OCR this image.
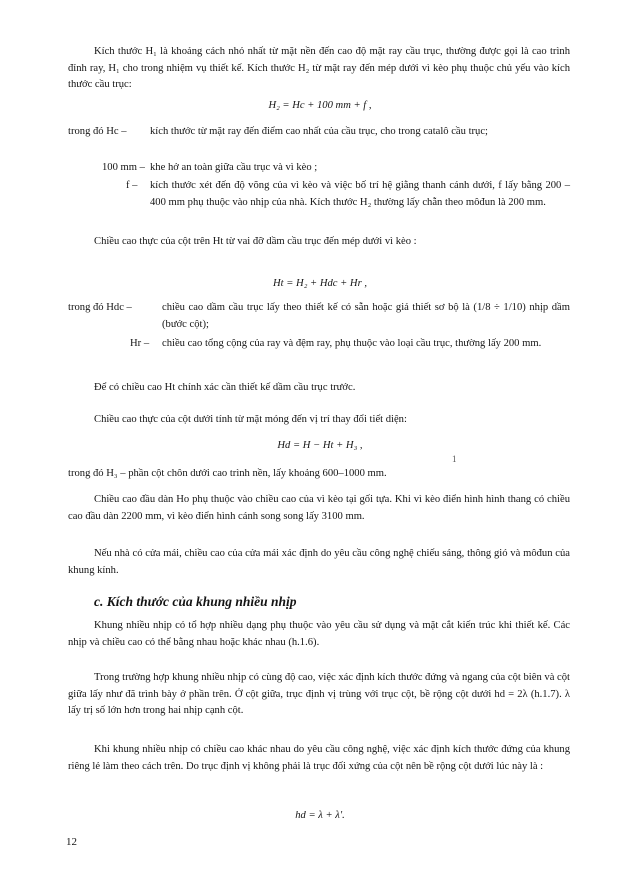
Kích thước H₁ là khoảng cách nhỏ nhất từ mặt nền đến cao độ mặt ray cầu trục, thường được gọi là cao trình đỉnh ray, H₁ cho trong nhiệm vụ thiết kế. Kích thước H₂ từ mặt ray đến mép dưới vì kèo phụ thuộc chủ yếu vào kích thước cầu trục:
H₂ = Hc + 100 mm + f ,
trong đó Hc –	kích thước từ mặt ray đến điểm cao nhất của cầu trục, cho trong catalô cầu trục;
100 mm – khe hở an toàn giữa cầu trục và vì kèo ;
f –	kích thước xét đến độ võng của vì kèo và việc bố trí hệ giằng thanh cánh dưới, f lấy bằng 200 – 400 mm phụ thuộc vào nhịp của nhà. Kích thước H₂ thường lấy chẵn theo môđun là 200 mm.
Chiều cao thực của cột trên Ht từ vai đỡ dầm cầu trục đến mép dưới vì kèo :
Ht = H₂ + Hdc + Hr ,
trong đó Hdc –	chiều cao dầm cầu trục lấy theo thiết kế có sẵn hoặc giả thiết sơ bộ là (1/8 ÷ 1/10) nhịp dầm (bước cột);
Hr –	chiều cao tổng cộng của ray và đệm ray, phụ thuộc vào loại cầu trục, thường lấy 200 mm.
Để có chiều cao Ht chính xác cần thiết kế dầm cầu trục trước.
Chiều cao thực của cột dưới tính từ mặt móng đến vị trí thay đổi tiết diện:
Hd = H − Ht + H₃ ,
1
trong đó H₃ – phần cột chôn dưới cao trình nền, lấy khoảng 600–1000 mm.
Chiều cao đầu dàn Ho phụ thuộc vào chiều cao của vì kèo tại gối tựa. Khi vì kèo điển hình hình thang có chiều cao đầu dàn 2200 mm, vì kèo điển hình cánh song song lấy 3100 mm.
Nếu nhà có cửa mái, chiều cao của cửa mái xác định do yêu cầu công nghệ chiếu sáng, thông gió và môđun của khung kính.
c. Kích thước của khung nhiều nhịp
Khung nhiều nhịp có tổ hợp nhiều dạng phụ thuộc vào yêu cầu sử dụng và mặt cắt kiến trúc khi thiết kế. Các nhịp và chiều cao có thể bằng nhau hoặc khác nhau (h.1.6).
Trong trường hợp khung nhiều nhịp có cùng độ cao, việc xác định kích thước đứng và ngang của cột biên và cột giữa lấy như đã trình bày ở phần trên. Ở cột giữa, trục định vị trùng với trục cột, bề rộng cột dưới hd = 2λ (h.1.7). λ lấy trị số lớn hơn trong hai nhịp cạnh cột.
Khi khung nhiều nhịp có chiều cao khác nhau do yêu cầu công nghệ, việc xác định kích thước đứng của khung riêng lẻ làm theo cách trên. Do trục định vị không phải là trục đối xứng của cột nên bề rộng cột dưới lúc này là :
hd = λ + λ'.
12
